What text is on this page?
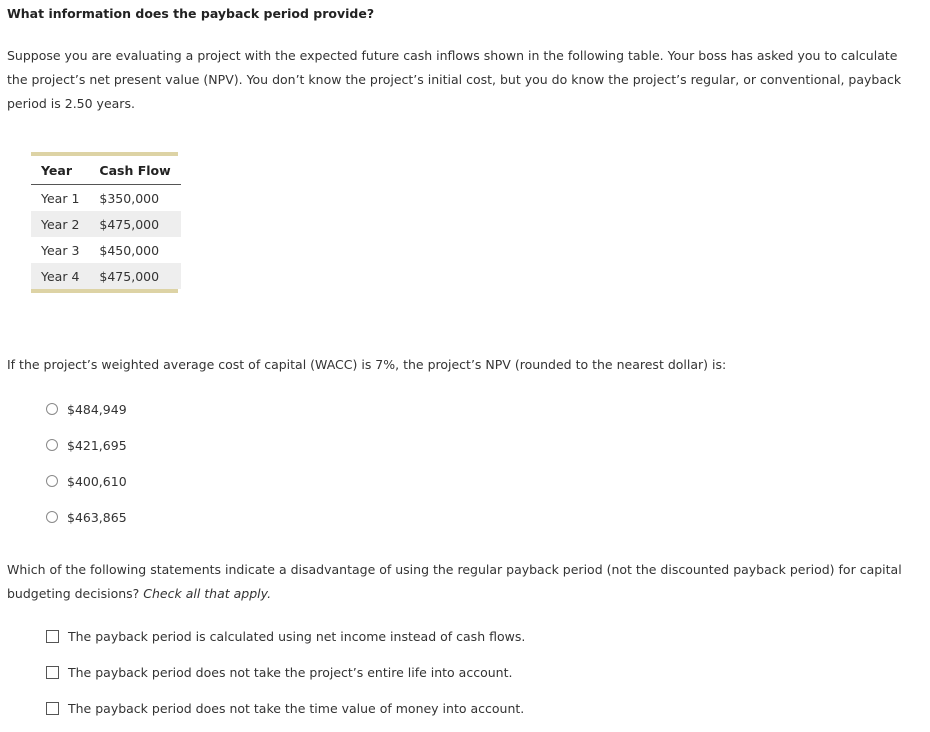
What information does the payback period provide?

Suppose you are evaluating a project with the expected future cash inflows shown in the following table. Your boss has asked you to calculate the project’s net present value (NPV). You don’t know the project’s initial cost, but you do know the project’s regular, or conventional, payback period is 2.50 years.

Year	Cash Flow
Year 1	$350,000
Year 2	$475,000
Year 3	$450,000
Year 4	$475,000

If the project’s weighted average cost of capital (WACC) is 7%, the project’s NPV (rounded to the nearest dollar) is:

$484,949
$421,695
$400,610
$463,865

Which of the following statements indicate a disadvantage of using the regular payback period (not the discounted payback period) for capital budgeting decisions? Check all that apply.

The payback period is calculated using net income instead of cash flows.
The payback period does not take the project’s entire life into account.
The payback period does not take the time value of money into account.
